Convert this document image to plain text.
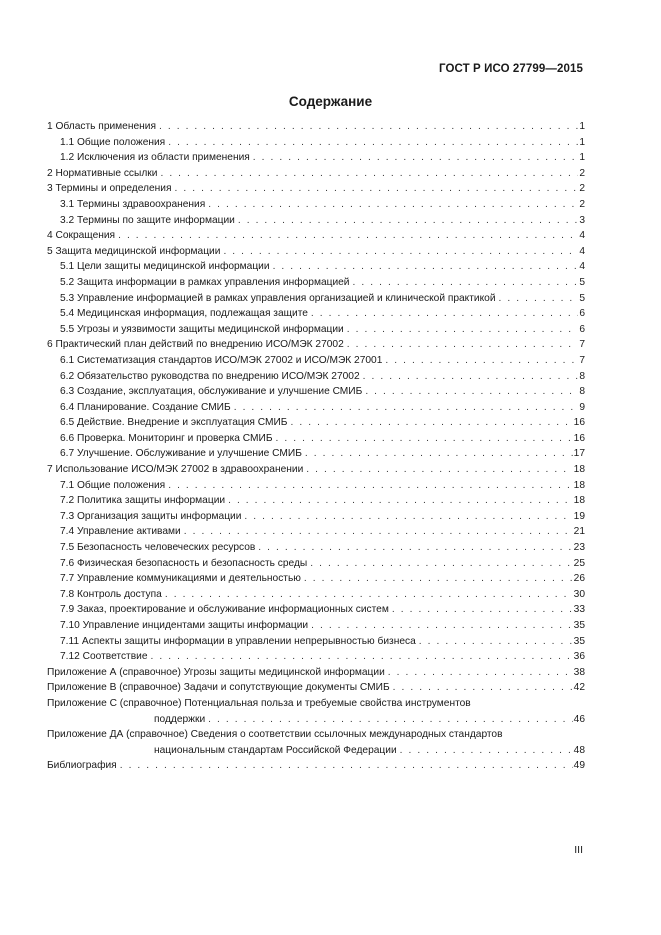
ГОСТ Р ИСО 27799—2015
Содержание
1 Область применения . . .	1
1.1 Общие положения . . .	1
1.2 Исключения из области применения . . .	1
2 Нормативные ссылки . . .	2
3 Термины и определения . . .	2
3.1 Термины здравоохранения . . .	2
3.2 Термины по защите информации . . .	3
4 Сокращения . . .	4
5 Защита медицинской информации . . .	4
5.1 Цели защиты медицинской информации . . .	4
5.2 Защита информации в рамках управления информацией . . .	5
5.3 Управление информацией в рамках управления организацией и клинической практикой . . .	5
5.4 Медицинская информация, подлежащая защите . . .	6
5.5 Угрозы и уязвимости защиты медицинской информации . . .	6
6 Практический план действий по внедрению ИСО/МЭК 27002 . . .	7
6.1 Систематизация стандартов ИСО/МЭК 27002 и ИСО/МЭК 27001 . . .	7
6.2 Обязательство руководства по внедрению ИСО/МЭК 27002 . . .	8
6.3 Создание, эксплуатация, обслуживание и улучшение СМИБ . . .	8
6.4 Планирование. Создание СМИБ . . .	9
6.5 Действие. Внедрение и эксплуатация СМИБ . . .	16
6.6 Проверка. Мониторинг и проверка СМИБ . . .	16
6.7 Улучшение. Обслуживание и улучшение СМИБ . . .	17
7 Использование ИСО/МЭК 27002 в здравоохранении . . .	18
7.1 Общие положения . . .	18
7.2 Политика защиты информации . . .	18
7.3 Организация защиты информации . . .	19
7.4 Управление активами . . .	21
7.5 Безопасность человеческих ресурсов . . .	23
7.6 Физическая безопасность и безопасность среды . . .	25
7.7 Управление коммуникациями и деятельностью . . .	26
7.8 Контроль доступа . . .	30
7.9 Заказ, проектирование и обслуживание информационных систем . . .	33
7.10 Управление инцидентами защиты информации . . .	35
7.11 Аспекты защиты информации в управлении непрерывностью бизнеса . . .	35
7.12 Соответствие . . .	36
Приложение А (справочное) Угрозы защиты медицинской информации . . .	38
Приложение В (справочное) Задачи и сопутствующие документы СМИБ . . .	42
Приложение С (справочное) Потенциальная польза и требуемые свойства инструментов
поддержки . . .	46
Приложение ДА (справочное) Сведения о соответствии ссылочных международных стандартов
национальным стандартам Российской Федерации . . .	48
Библиография . . .	49
III
